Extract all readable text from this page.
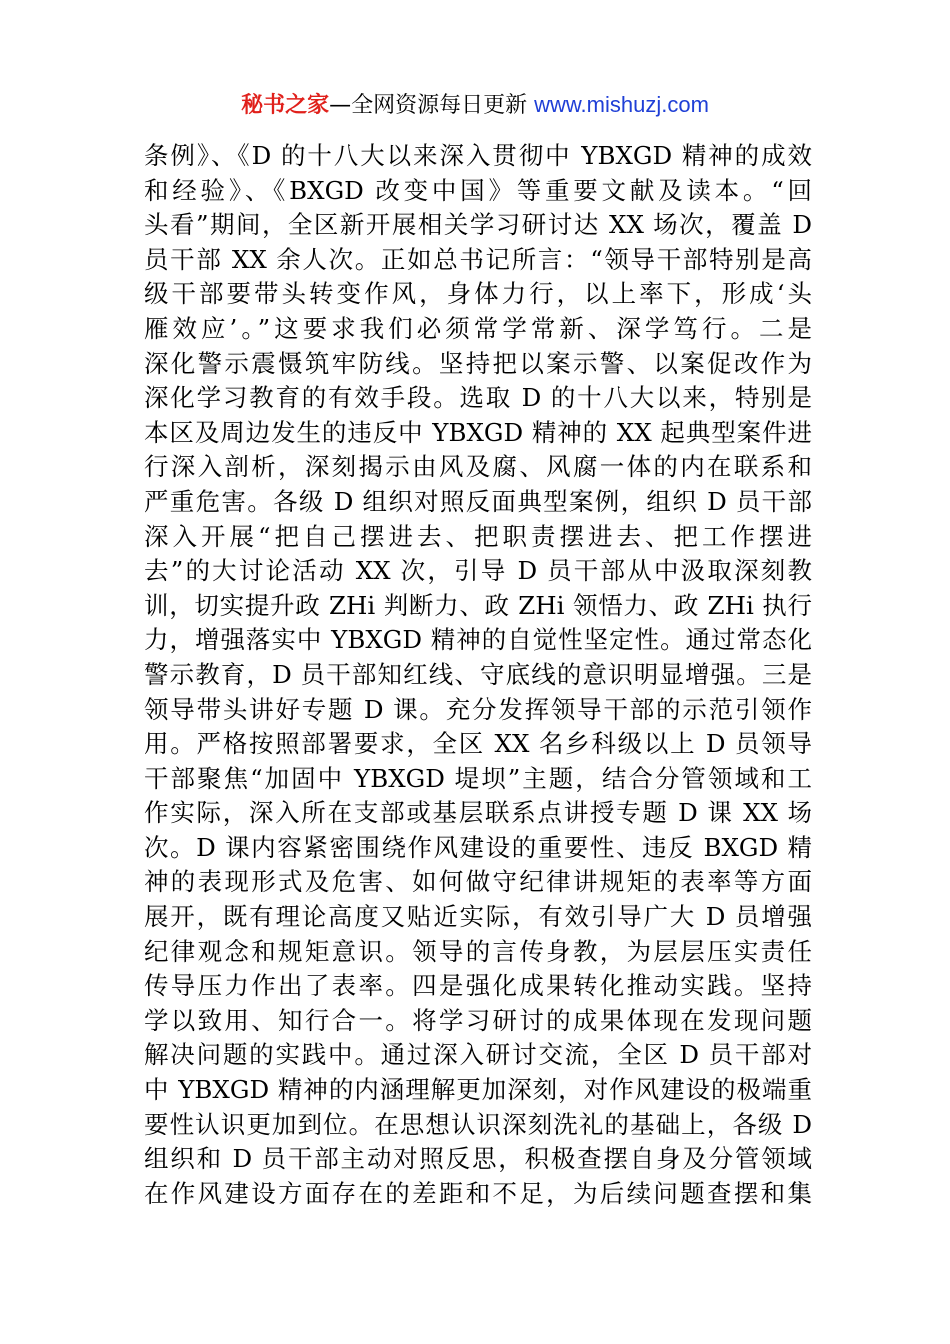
秘书之家—全网资源每日更新 www.mishuzj.com
条例》、《D 的十八大以来深入贯彻中 YBXGD 精神的成效
和经验》、《BXGD 改变中国》等重要文献及读本。“回
头看”期间，全区新开展相关学习研讨达 XX 场次，覆盖 D
员干部 XX 余人次。正如总书记所言：“领导干部特别是高
级干部要带头转变作风，身体力行，以上率下，形成‘头
雁效应’。”这要求我们必须常学常新、深学笃行。二是
深化警示震慑筑牢防线。坚持把以案示警、以案促改作为
深化学习教育的有效手段。选取 D 的十八大以来，特别是
本区及周边发生的违反中 YBXGD 精神的 XX 起典型案件进
行深入剖析，深刻揭示由风及腐、风腐一体的内在联系和
严重危害。各级 D 组织对照反面典型案例，组织 D 员干部
深入开展“把自己摆进去、把职责摆进去、把工作摆进
去”的大讨论活动 XX 次，引导 D 员干部从中汲取深刻教
训，切实提升政 ZHi 判断力、政 ZHi 领悟力、政 ZHi 执行
力，增强落实中 YBXGD 精神的自觉性坚定性。通过常态化
警示教育，D 员干部知红线、守底线的意识明显增强。三是
领导带头讲好专题 D 课。充分发挥领导干部的示范引领作
用。严格按照部署要求，全区 XX 名乡科级以上 D 员领导
干部聚焦“加固中 YBXGD 堤坝”主题，结合分管领域和工
作实际，深入所在支部或基层联系点讲授专题 D 课 XX 场
次。D 课内容紧密围绕作风建设的重要性、违反 BXGD 精
神的表现形式及危害、如何做守纪律讲规矩的表率等方面
展开，既有理论高度又贴近实际，有效引导广大 D 员增强
纪律观念和规矩意识。领导的言传身教，为层层压实责任
传导压力作出了表率。四是强化成果转化推动实践。坚持
学以致用、知行合一。将学习研讨的成果体现在发现问题
解决问题的实践中。通过深入研讨交流，全区 D 员干部对
中 YBXGD 精神的内涵理解更加深刻，对作风建设的极端重
要性认识更加到位。在思想认识深刻洗礼的基础上，各级 D
组织和 D 员干部主动对照反思，积极查摆自身及分管领域
在作风建设方面存在的差距和不足，为后续问题查摆和集
